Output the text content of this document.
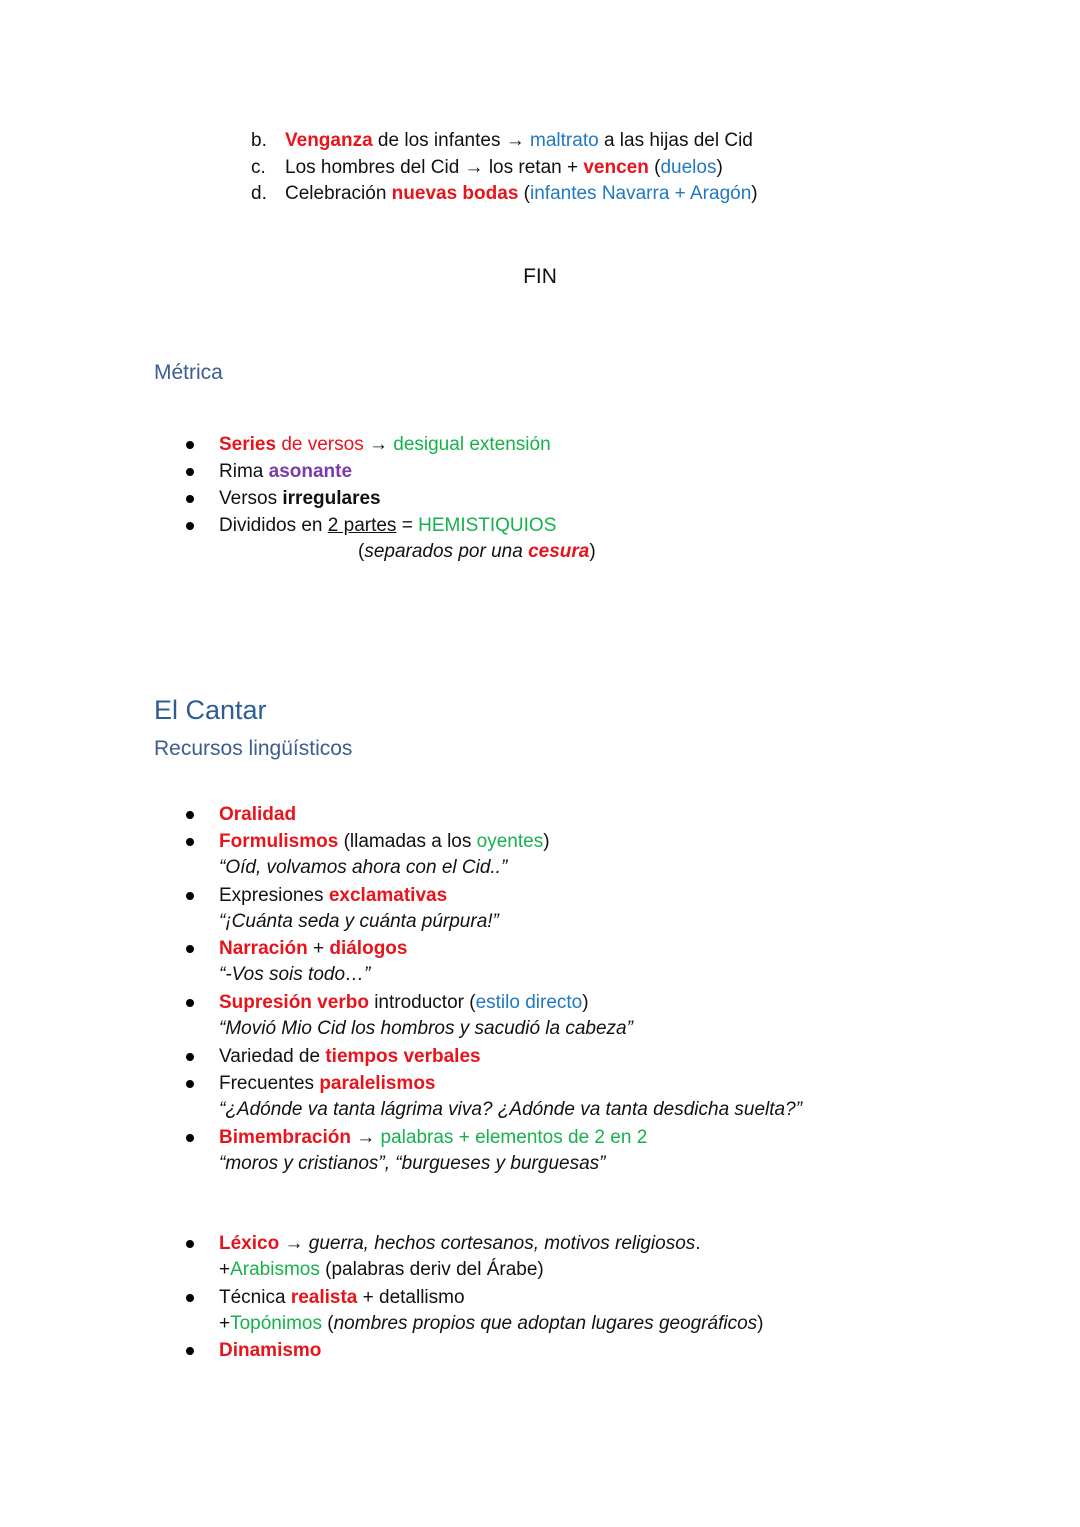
b. Venganza de los infantes → maltrato a las hijas del Cid
c. Los hombres del Cid → los retan + vencen (duelos)
d. Celebración nuevas bodas (infantes Navarra + Aragón)
FIN
Métrica
Series de versos → desigual extensión
Rima asonante
Versos irregulares
Divididos en 2 partes = HEMISTIQUIOS
(separados por una cesura)
El Cantar
Recursos lingüísticos
Oralidad
Formulismos (llamadas a los oyentes)
“Oíd, volvamos ahora con el Cid..”
Expresiones exclamativas
“¡Cuánta seda y cuánta púrpura!”
Narración + diálogos
“-Vos sois todo…”
Supresión verbo introductor (estilo directo)
“Movió Mio Cid los hombros y sacudió la cabeza”
Variedad de tiempos verbales
Frecuentes paralelismos
“¿Adónde va tanta lágrima viva? ¿Adónde va tanta desdicha suelta?”
Bimembración → palabras + elementos de 2 en 2
“moros y cristianos”, “burgueses y burguesas”
Léxico → guerra, hechos cortesanos, motivos religiosos.
+Arabismos (palabras deriv del Árabe)
Técnica realista + detallismo
+Topónimos (nombres propios que adoptan lugares geográficos)
Dinamismo
